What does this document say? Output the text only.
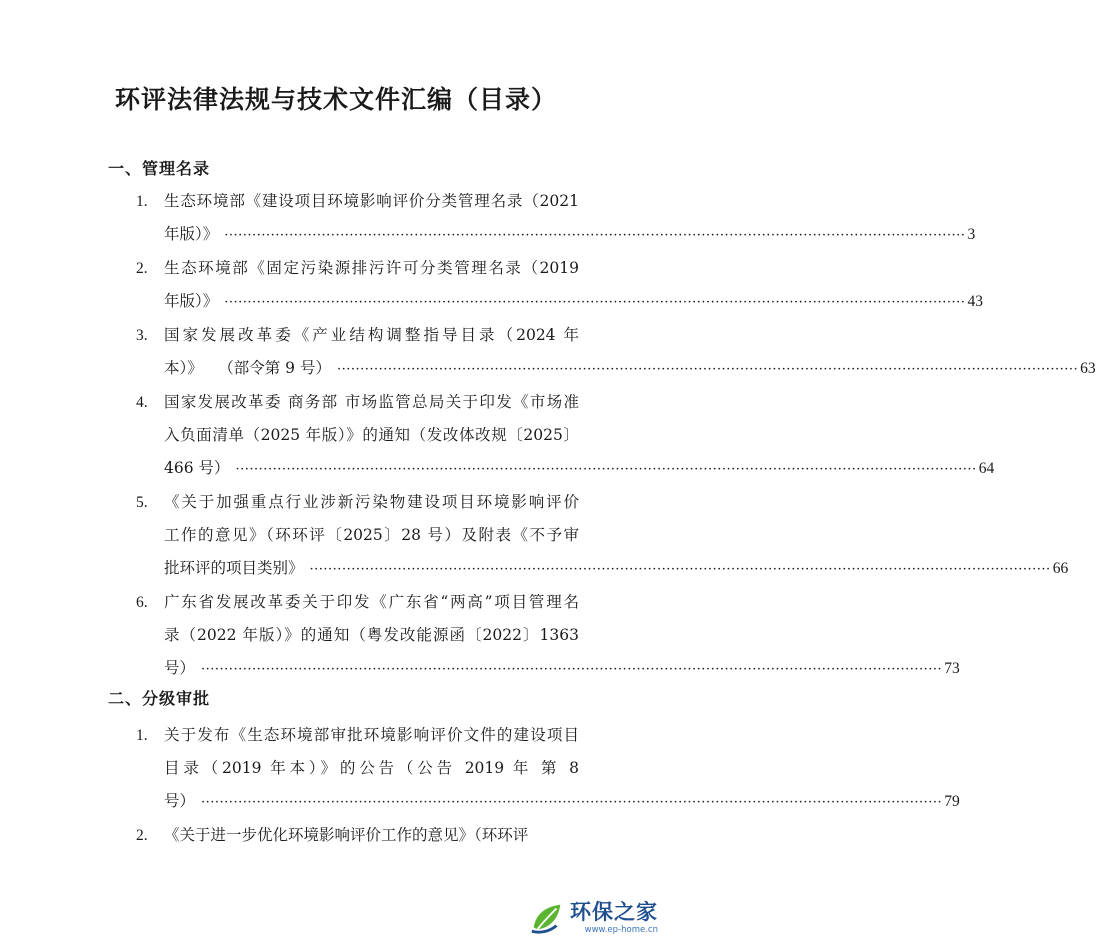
环评法律法规与技术文件汇编（目录）
一、管理名录
1. 生态环境部《建设项目环境影响评价分类管理名录（2021
年版）》 ································································································································································ 3
2. 生态环境部《固定污染源排污许可分类管理名录（2019
年版）》 ································································································································································ 43
3. 国家发展改革委《产业结构调整指导目录（2024 年
本）》　　（部令第 9 号） ································································································································································ 63
4. 国家发展改革委 商务部 市场监管总局关于印发《市场准
入负面清单（2025 年版）》的通知（发改体改规〔2025〕
466 号） ································································································································································ 64
5. 《关于加强重点行业涉新污染物建设项目环境影响评价
工作的意见》（环环评〔2025〕28 号）及附表《不予审
批环评的项目类别》 ································································································································································ 66
6. 广东省发展改革委关于印发《广东省“两高”项目管理名
录（2022 年版）》的通知（粤发改能源函〔2022〕1363
号） ································································································································································ 73
二、分级审批
1. 关于发布《生态环境部审批环境影响评价文件的建设项目
目录（2019 年本）》的公告（公告 2019 年 第 8
号） ································································································································································ 79
2. 《关于进一步优化环境影响评价工作的意见》（环环评
环保之家
www.ep-home.cn
